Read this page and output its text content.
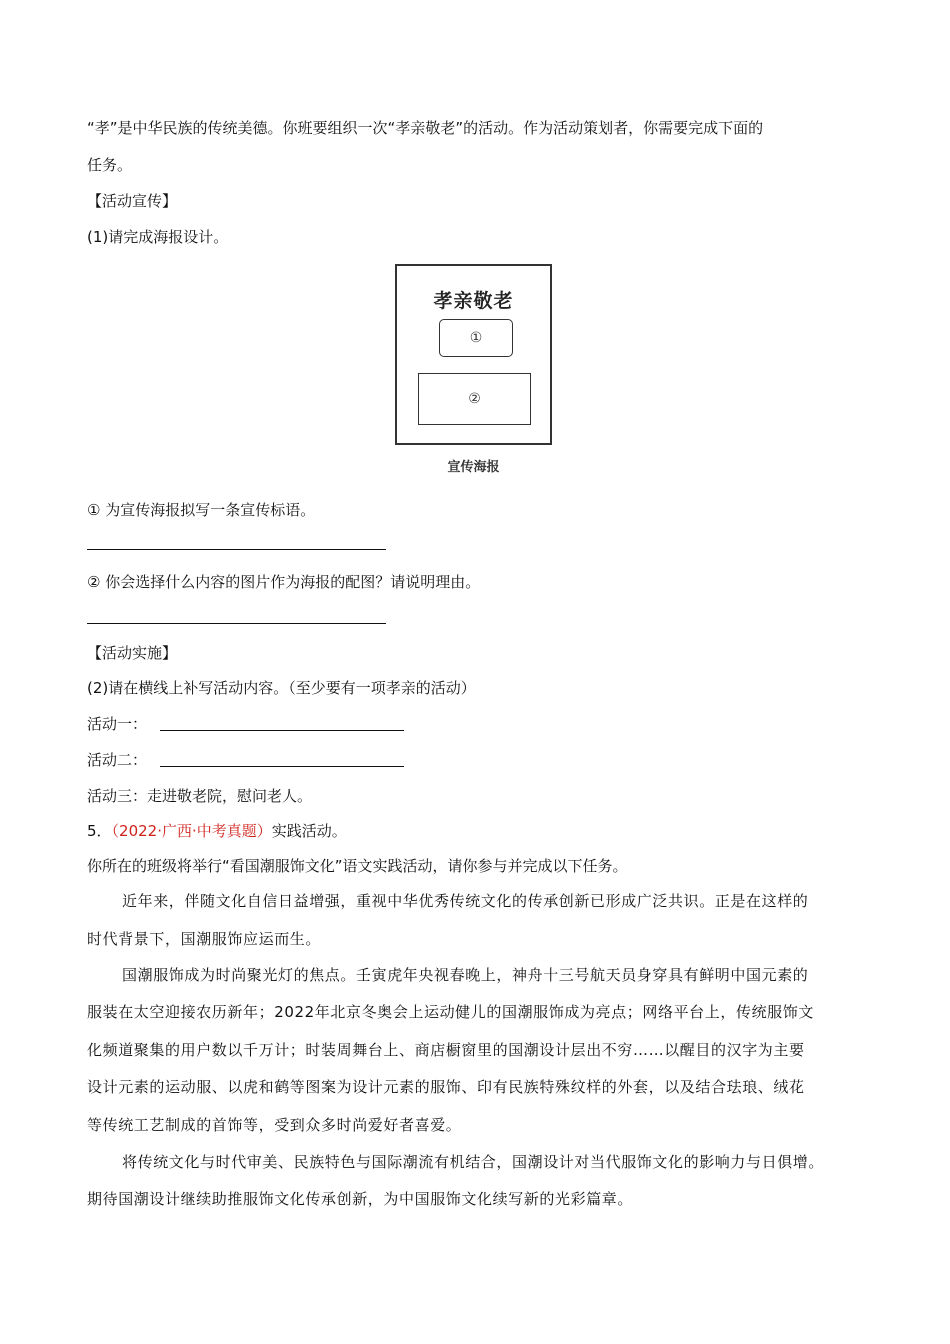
“孝”是中华民族的传统美德。你班要组织一次“孝亲敬老”的活动。作为活动策划者，你需要完成下面的
任务。
【活动宣传】
(1)请完成海报设计。
孝亲敬老
①
②
宣传海报
① 为宣传海报拟写一条宣传标语。
② 你会选择什么内容的图片作为海报的配图？请说明理由。
【活动实施】
(2)请在横线上补写活动内容。（至少要有一项孝亲的活动）
活动一：
活动二：
活动三：走进敬老院，慰问老人。
5．（2022·广西·中考真题）实践活动。
你所在的班级将举行“看国潮服饰文化”语文实践活动，请你参与并完成以下任务。
近年来，伴随文化自信日益增强，重视中华优秀传统文化的传承创新已形成广泛共识。正是在这样的
时代背景下，国潮服饰应运而生。
国潮服饰成为时尚聚光灯的焦点。壬寅虎年央视春晚上，神舟十三号航天员身穿具有鲜明中国元素的
服装在太空迎接农历新年；2022年北京冬奥会上运动健儿的国潮服饰成为亮点；网络平台上，传统服饰文
化频道聚集的用户数以千万计；时装周舞台上、商店橱窗里的国潮设计层出不穷……以醒目的汉字为主要
设计元素的运动服、以虎和鹤等图案为设计元素的服饰、印有民族特殊纹样的外套，以及结合珐琅、绒花
等传统工艺制成的首饰等，受到众多时尚爱好者喜爱。
将传统文化与时代审美、民族特色与国际潮流有机结合，国潮设计对当代服饰文化的影响力与日俱增。
期待国潮设计继续助推服饰文化传承创新，为中国服饰文化续写新的光彩篇章。
